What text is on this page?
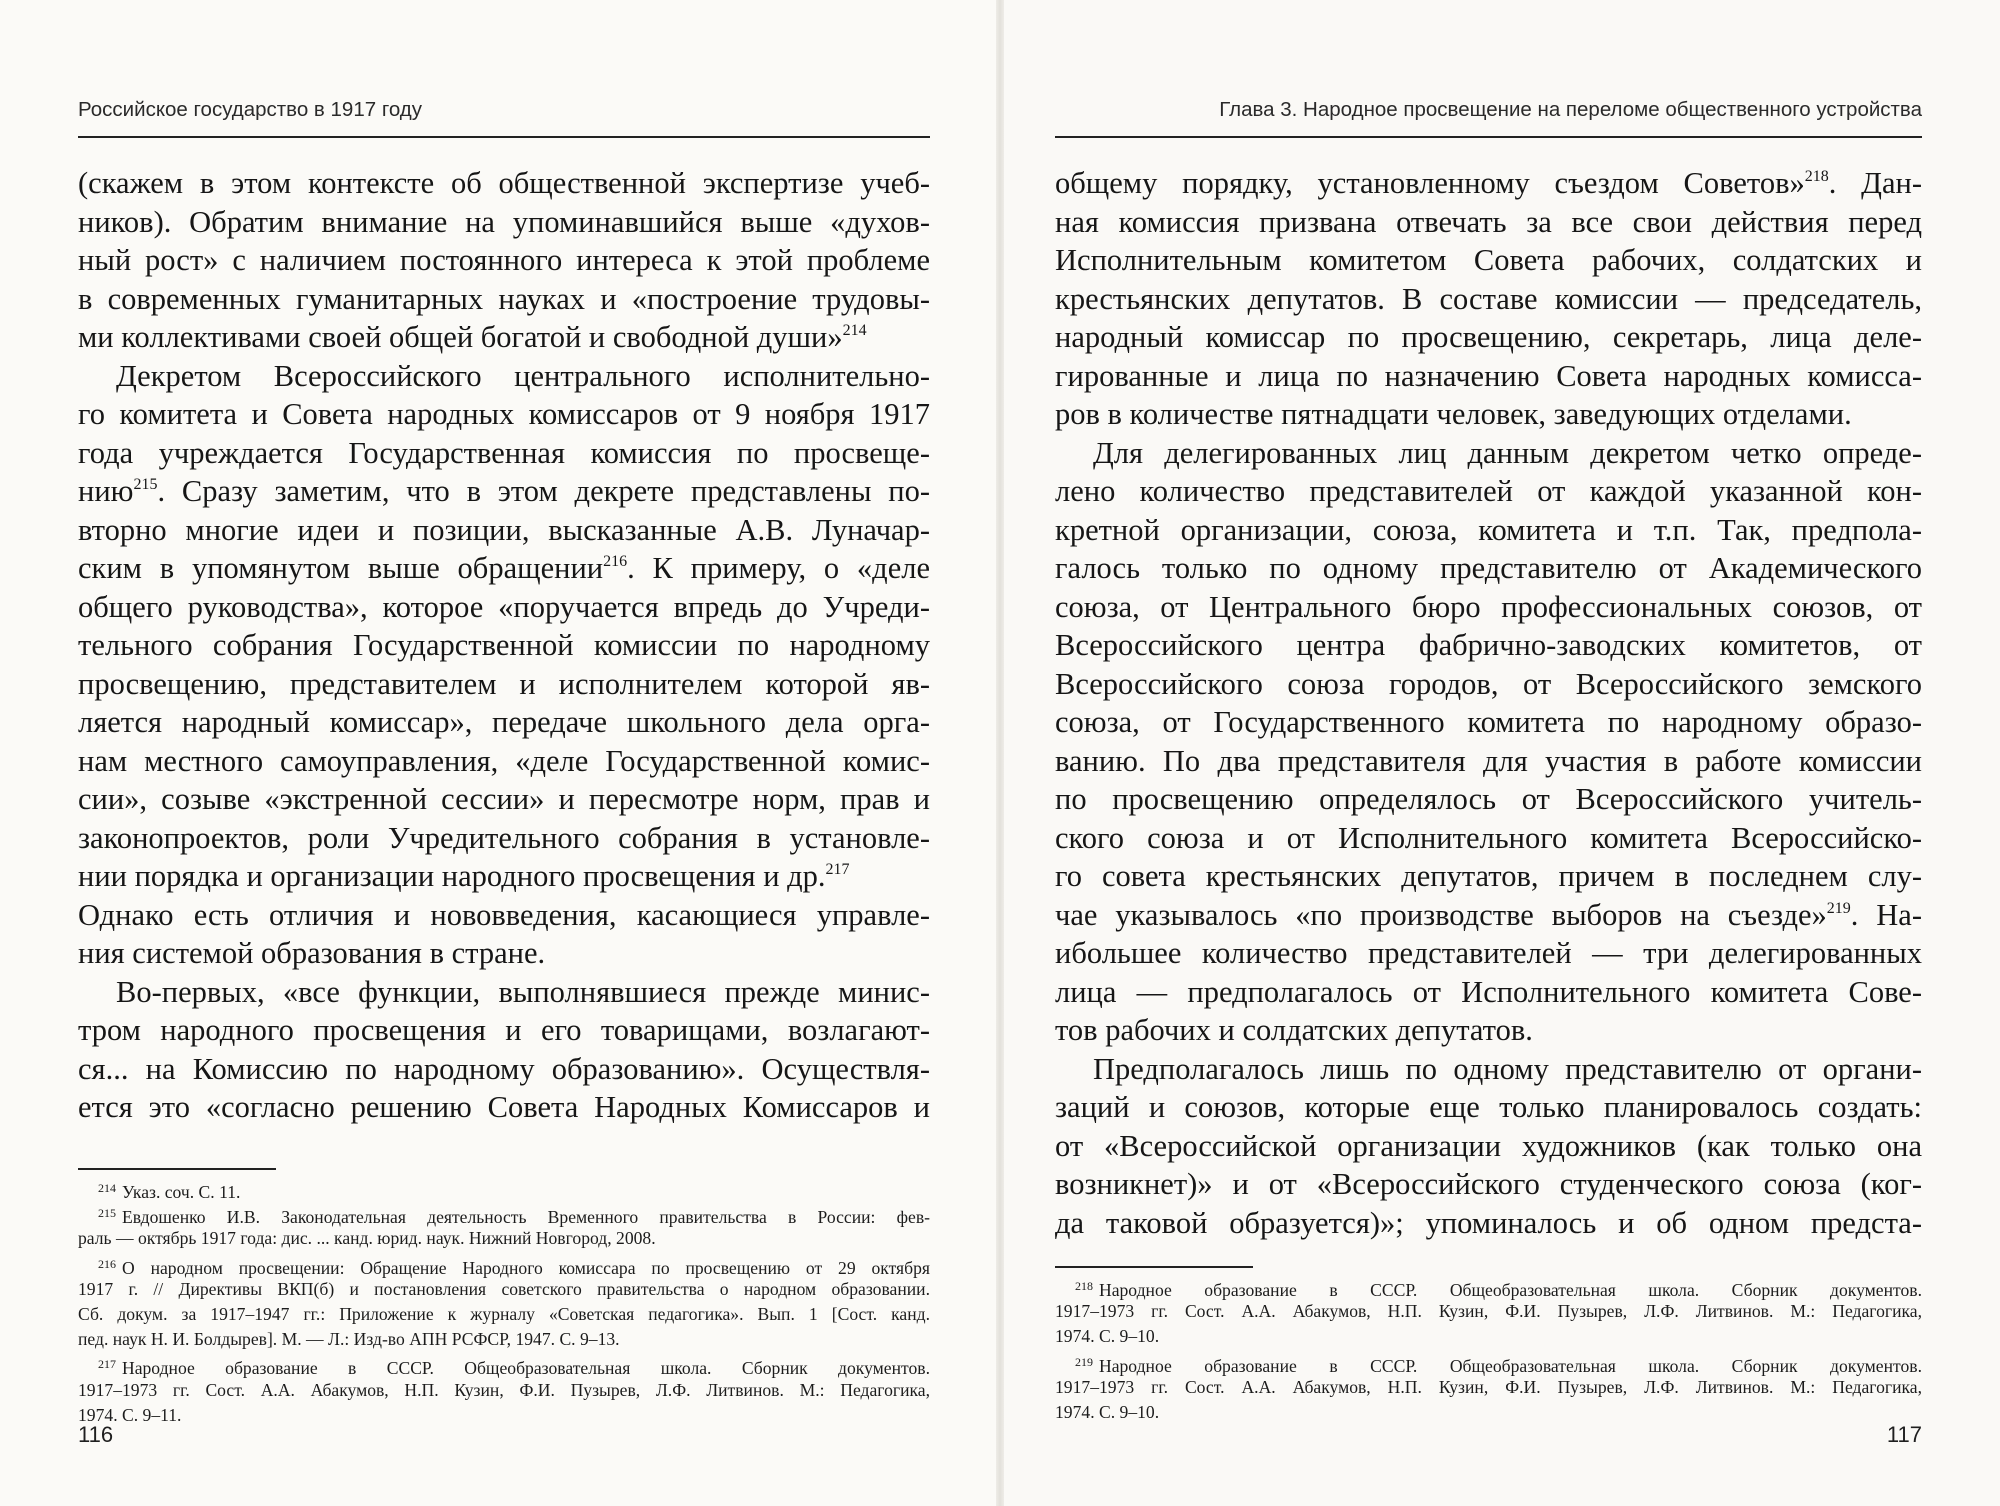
Российское государство в 1917 году
(скажем в этом контексте об общественной экспертизе учеб-
ников). Обратим внимание на упоминавшийся выше «духов-
ный рост» с наличием постоянного интереса к этой проблеме
в современных гуманитарных науках и «построение трудовы-
ми коллективами своей общей богатой и свободной души»$^{214}$
Декретом Всероссийского центрального исполнительно-
го комитета и Совета народных комиссаров от 9 ноября 1917
года учреждается Государственная комиссия по просвеще-
нию$^{215}$. Сразу заметим, что в этом декрете представлены по-
вторно многие идеи и позиции, высказанные А.В. Луначар-
ским в упомянутом выше обращении$^{216}$. К примеру, о «деле
общего руководства», которое «поручается впредь до Учреди-
тельного собрания Государственной комиссии по народному
просвещению, представителем и исполнителем которой яв-
ляется народный комиссар», передаче школьного дела орга-
нам местного самоуправления, «деле Государственной комис-
сии», созыве «экстренной сессии» и пересмотре норм, прав и
законопроектов, роли Учредительного собрания в установле-
нии порядка и организации народного просвещения и др.$^{217}$
Однако есть отличия и нововведения, касающиеся управле-
ния системой образования в стране.
Во-первых, «все функции, выполнявшиеся прежде минис-
тром народного просвещения и его товарищами, возлагают-
ся... на Комиссию по народному образованию». Осуществля-
ется это «согласно решению Совета Народных Комиссаров и
$^{214}$ Указ. соч. С. 11.
$^{215}$ Евдошенко И.В. Законодательная деятельность Временного правительства в России: фев-
раль — октябрь 1917 года: дис. ... канд. юрид. наук. Нижний Новгород, 2008.
$^{216}$ О народном просвещении: Обращение Народного комиссара по просвещению от 29 октября
1917 г. // Директивы ВКП(б) и постановления советского правительства о народном образовании.
Сб. докум. за 1917–1947 гг.: Приложение к журналу «Советская педагогика». Вып. 1 [Сост. канд.
пед. наук Н. И. Болдырев]. М. — Л.: Изд-во АПН РСФСР, 1947. С. 9–13.
$^{217}$ Народное образование в СССР. Общеобразовательная школа. Сборник документов.
1917–1973 гг. Сост. А.А. Абакумов, Н.П. Кузин, Ф.И. Пузырев, Л.Ф. Литвинов. М.: Педагогика,
1974. С. 9–11.
116
Глава 3. Народное просвещение на переломе общественного устройства
общему порядку, установленному съездом Советов»$^{218}$. Дан-
ная комиссия призвана отвечать за все свои действия перед
Исполнительным комитетом Совета рабочих, солдатских и
крестьянских депутатов. В составе комиссии — председатель,
народный комиссар по просвещению, секретарь, лица деле-
гированные и лица по назначению Совета народных комисса-
ров в количестве пятнадцати человек, заведующих отделами.
Для делегированных лиц данным декретом четко опреде-
лено количество представителей от каждой указанной кон-
кретной организации, союза, комитета и т.п. Так, предпола-
галось только по одному представителю от Академического
союза, от Центрального бюро профессиональных союзов, от
Всероссийского центра фабрично-заводских комитетов, от
Всероссийского союза городов, от Всероссийского земского
союза, от Государственного комитета по народному образо-
ванию. По два представителя для участия в работе комиссии
по просвещению определялось от Всероссийского учитель-
ского союза и от Исполнительного комитета Всероссийско-
го совета крестьянских депутатов, причем в последнем слу-
чае указывалось «по производстве выборов на съезде»$^{219}$. На-
ибольшее количество представителей — три делегированных
лица — предполагалось от Исполнительного комитета Сове-
тов рабочих и солдатских депутатов.
Предполагалось лишь по одному представителю от органи-
заций и союзов, которые еще только планировалось создать:
от «Всероссийской организации художников (как только она
возникнет)» и от «Всероссийского студенческого союза (ког-
да таковой образуется)»; упоминалось и об одном предста-
$^{218}$ Народное образование в СССР. Общеобразовательная школа. Сборник документов.
1917–1973 гг. Сост. А.А. Абакумов, Н.П. Кузин, Ф.И. Пузырев, Л.Ф. Литвинов. М.: Педагогика,
1974. С. 9–10.
$^{219}$ Народное образование в СССР. Общеобразовательная школа. Сборник документов.
1917–1973 гг. Сост. А.А. Абакумов, Н.П. Кузин, Ф.И. Пузырев, Л.Ф. Литвинов. М.: Педагогика,
1974. С. 9–10.
117
